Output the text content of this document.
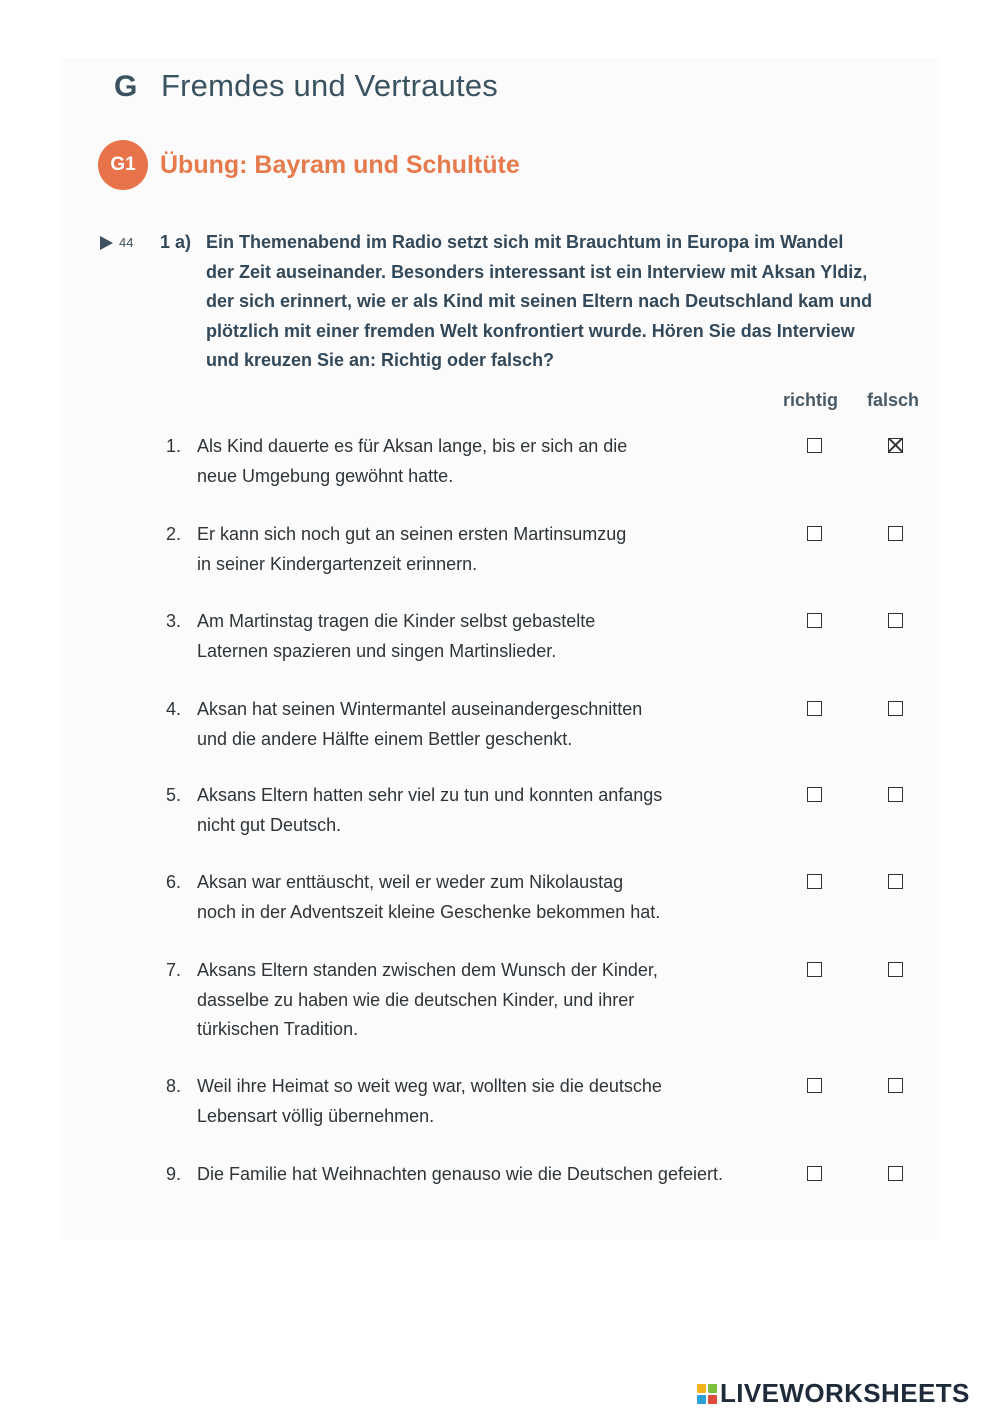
G Fremdes und Vertrautes
G1 Übung: Bayram und Schultüte
44 1 a) Ein Themenabend im Radio setzt sich mit Brauchtum in Europa im Wandel
der Zeit auseinander. Besonders interessant ist ein Interview mit Aksan Yldiz,
der sich erinnert, wie er als Kind mit seinen Eltern nach Deutschland kam und
plötzlich mit einer fremden Welt konfrontiert wurde. Hören Sie das Interview
und kreuzen Sie an: Richtig oder falsch?
richtig falsch
1. Als Kind dauerte es für Aksan lange, bis er sich an die
neue Umgebung gewöhnt hatte.
2. Er kann sich noch gut an seinen ersten Martinsumzug
in seiner Kindergartenzeit erinnern.
3. Am Martinstag tragen die Kinder selbst gebastelte
Laternen spazieren und singen Martinslieder.
4. Aksan hat seinen Wintermantel auseinandergeschnitten
und die andere Hälfte einem Bettler geschenkt.
5. Aksans Eltern hatten sehr viel zu tun und konnten anfangs
nicht gut Deutsch.
6. Aksan war enttäuscht, weil er weder zum Nikolaustag
noch in der Adventszeit kleine Geschenke bekommen hat.
7. Aksans Eltern standen zwischen dem Wunsch der Kinder,
dasselbe zu haben wie die deutschen Kinder, und ihrer
türkischen Tradition.
8. Weil ihre Heimat so weit weg war, wollten sie die deutsche
Lebensart völlig übernehmen.
9. Die Familie hat Weihnachten genauso wie die Deutschen gefeiert.
LIVEWORKSHEETS
